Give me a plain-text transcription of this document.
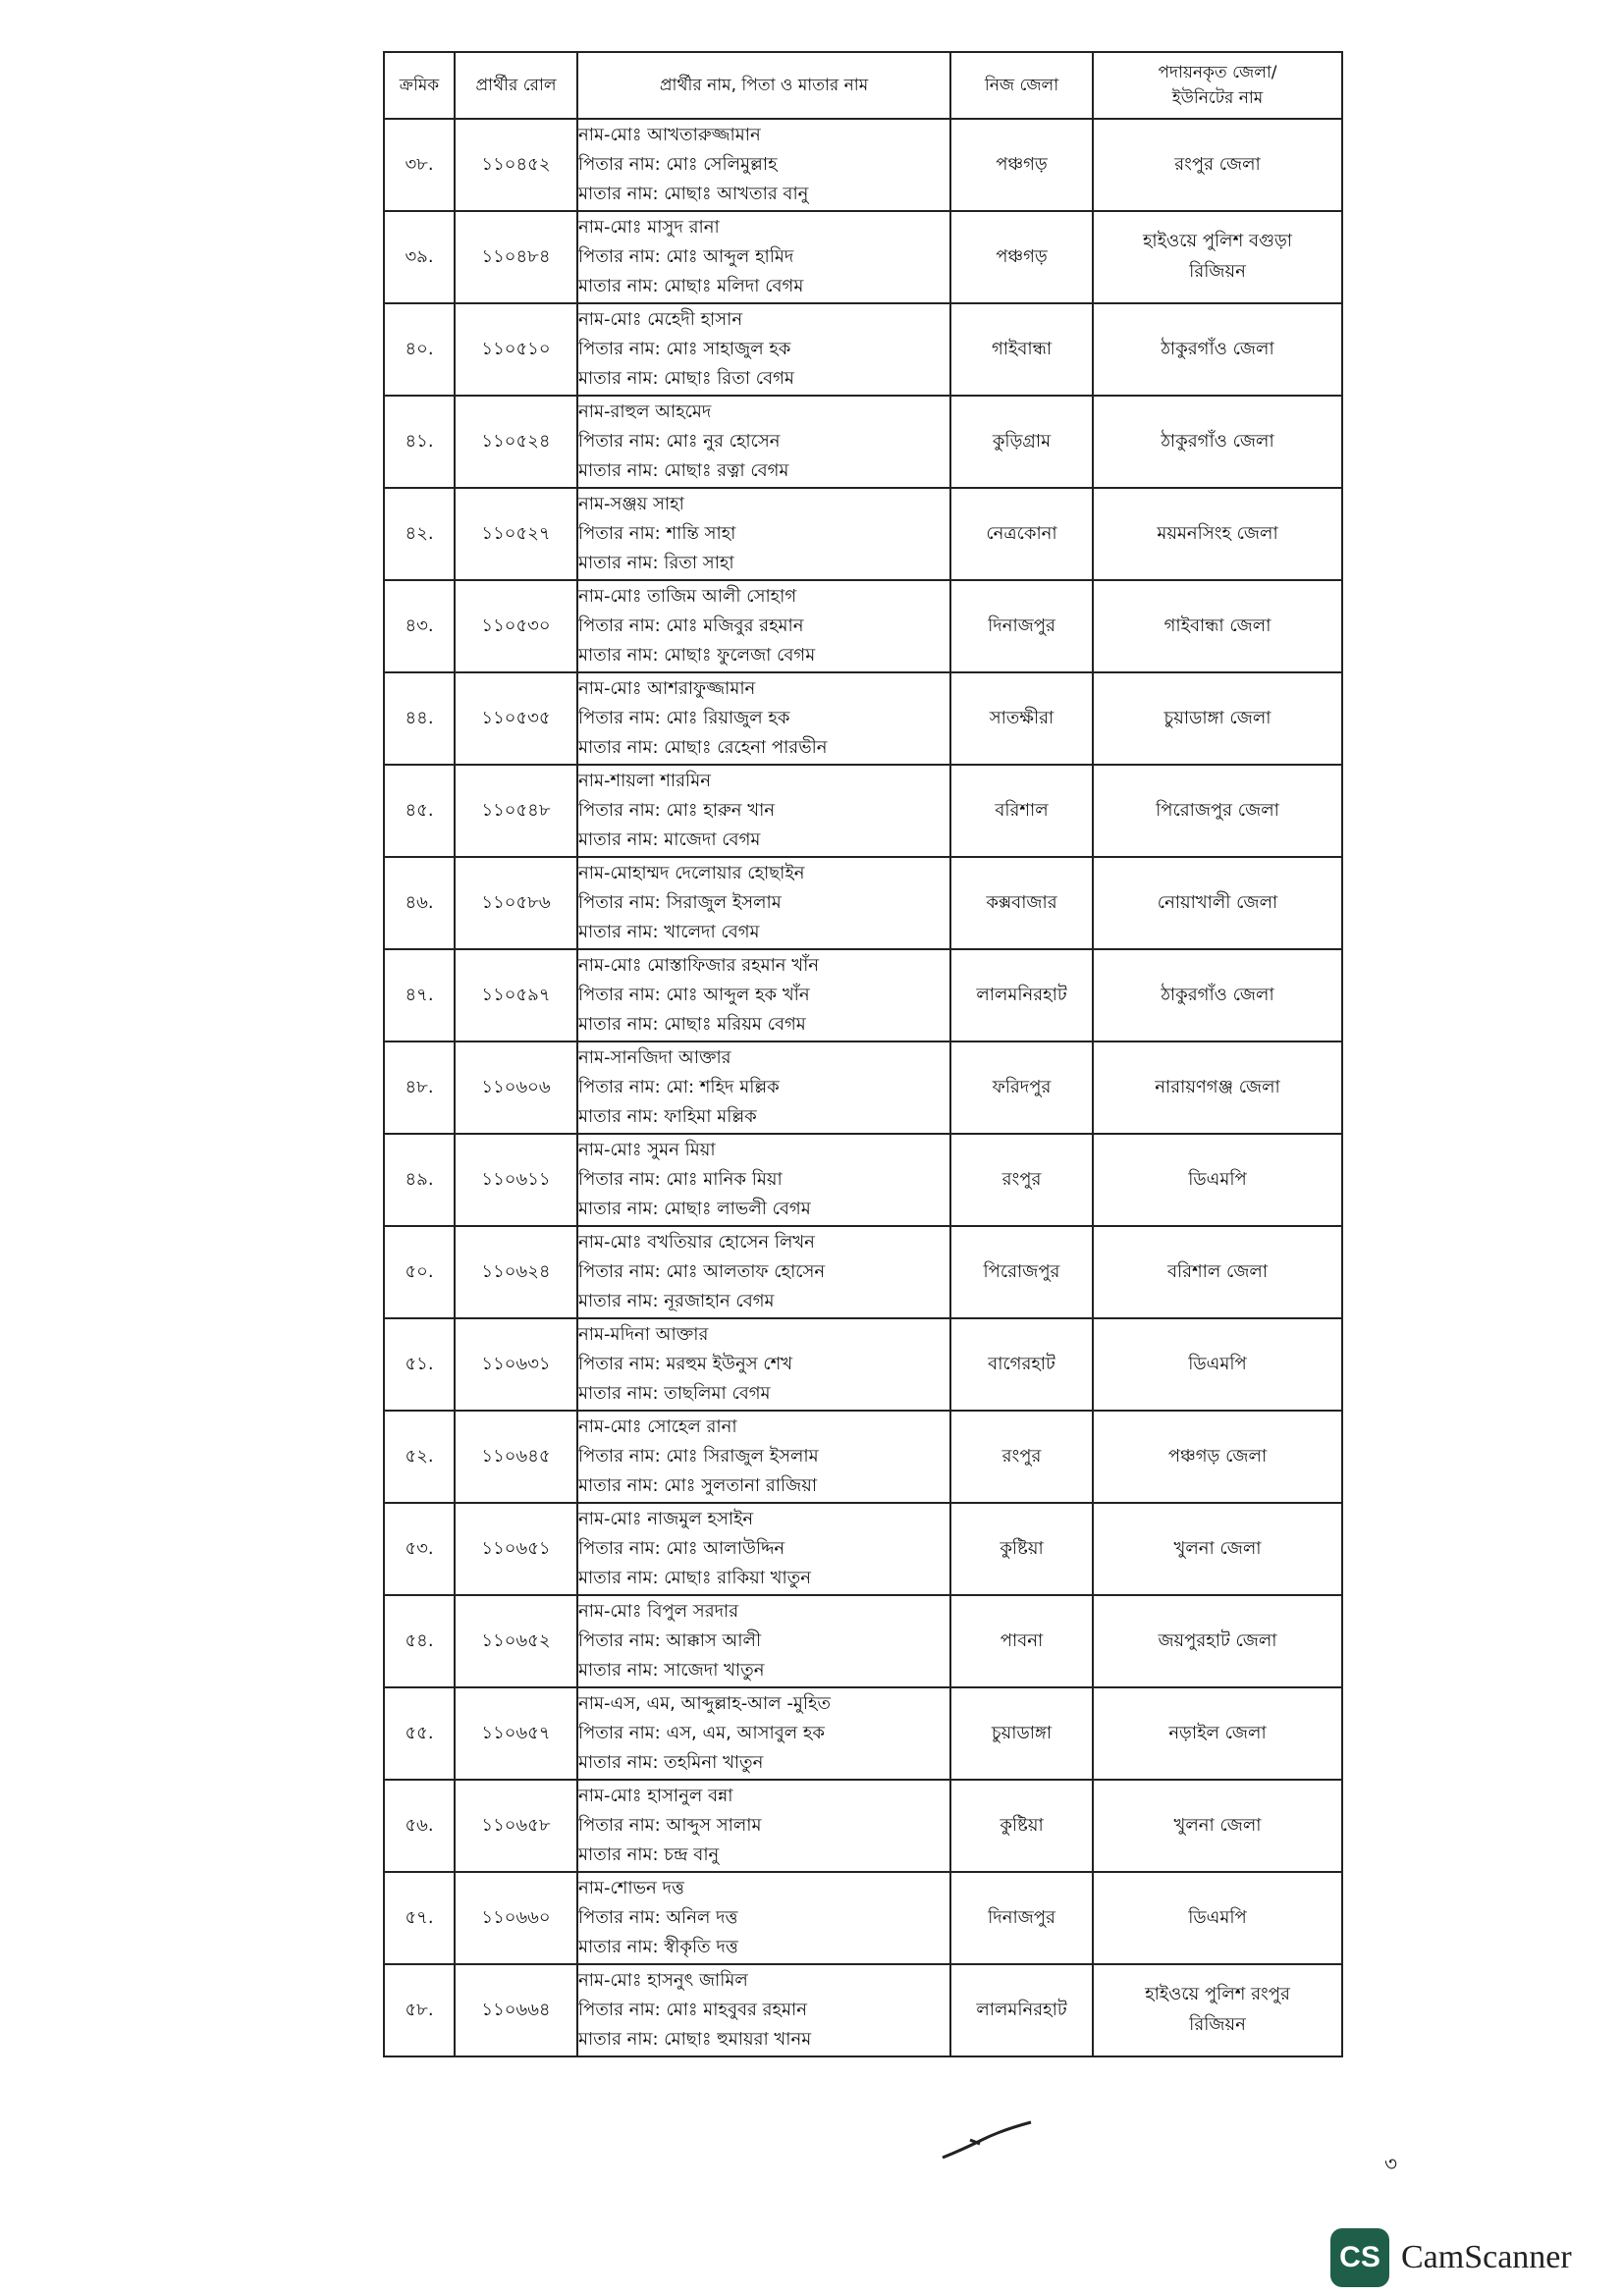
ক্রমিক	প্রার্থীর রোল	প্রার্থীর নাম, পিতা ও মাতার নাম	নিজ জেলা	পদায়নকৃত জেলা/ ইউনিটের নাম
৩৮.	১১০৪৫২	নাম-মোঃ আখতারুজ্জামান
পিতার নাম: মোঃ সেলিমুল্লাহ
মাতার নাম: মোছাঃ আখতার বানু	পঞ্চগড়	রংপুর জেলা
৩৯.	১১০৪৮৪	নাম-মোঃ মাসুদ রানা
পিতার নাম: মোঃ আব্দুল হামিদ
মাতার নাম: মোছাঃ মলিদা বেগম	পঞ্চগড়	হাইওয়ে পুলিশ বগুড়া রিজিয়ন
৪০.	১১০৫১০	নাম-মোঃ মেহেদী হাসান
পিতার নাম: মোঃ সাহাজুল হক
মাতার নাম: মোছাঃ রিতা বেগম	গাইবান্ধা	ঠাকুরগাঁও জেলা
৪১.	১১০৫২৪	নাম-রাহুল আহমেদ
পিতার নাম: মোঃ নুর হোসেন
মাতার নাম: মোছাঃ রত্না বেগম	কুড়িগ্রাম	ঠাকুরগাঁও জেলা
৪২.	১১০৫২৭	নাম-সঞ্জয় সাহা
পিতার নাম: শান্তি সাহা
মাতার নাম: রিতা সাহা	নেত্রকোনা	ময়মনসিংহ জেলা
৪৩.	১১০৫৩০	নাম-মোঃ তাজিম আলী সোহাগ
পিতার নাম: মোঃ মজিবুর রহমান
মাতার নাম: মোছাঃ ফুলেজা বেগম	দিনাজপুর	গাইবান্ধা জেলা
৪৪.	১১০৫৩৫	নাম-মোঃ আশরাফুজ্জামান
পিতার নাম: মোঃ রিয়াজুল হক
মাতার নাম: মোছাঃ রেহেনা পারভীন	সাতক্ষীরা	চুয়াডাঙ্গা জেলা
৪৫.	১১০৫৪৮	নাম-শায়লা শারমিন
পিতার নাম: মোঃ হারুন খান
মাতার নাম: মাজেদা বেগম	বরিশাল	পিরোজপুর জেলা
৪৬.	১১০৫৮৬	নাম-মোহাম্মদ দেলোয়ার হোছাইন
পিতার নাম: সিরাজুল ইসলাম
মাতার নাম: খালেদা বেগম	কক্সবাজার	নোয়াখালী জেলা
৪৭.	১১০৫৯৭	নাম-মোঃ মোস্তাফিজার রহমান খাঁন
পিতার নাম: মোঃ আব্দুল হক খাঁন
মাতার নাম: মোছাঃ মরিয়ম বেগম	লালমনিরহাট	ঠাকুরগাঁও জেলা
৪৮.	১১০৬০৬	নাম-সানজিদা আক্তার
পিতার নাম: মো: শহিদ মল্লিক
মাতার নাম: ফাহিমা মল্লিক	ফরিদপুর	নারায়ণগঞ্জ জেলা
৪৯.	১১০৬১১	নাম-মোঃ সুমন মিয়া
পিতার নাম: মোঃ মানিক মিয়া
মাতার নাম: মোছাঃ লাভলী বেগম	রংপুর	ডিএমপি
৫০.	১১০৬২৪	নাম-মোঃ বখতিয়ার হোসেন লিখন
পিতার নাম: মোঃ আলতাফ হোসেন
মাতার নাম: নূরজাহান বেগম	পিরোজপুর	বরিশাল জেলা
৫১.	১১০৬৩১	নাম-মদিনা আক্তার
পিতার নাম: মরহুম ইউনুস শেখ
মাতার নাম: তাছলিমা বেগম	বাগেরহাট	ডিএমপি
৫২.	১১০৬৪৫	নাম-মোঃ সোহেল রানা
পিতার নাম: মোঃ সিরাজুল ইসলাম
মাতার নাম: মোঃ সুলতানা রাজিয়া	রংপুর	পঞ্চগড় জেলা
৫৩.	১১০৬৫১	নাম-মোঃ নাজমুল হসাইন
পিতার নাম: মোঃ আলাউদ্দিন
মাতার নাম: মোছাঃ রাকিয়া খাতুন	কুষ্টিয়া	খুলনা জেলা
৫৪.	১১০৬৫২	নাম-মোঃ বিপুল সরদার
পিতার নাম: আক্কাস আলী
মাতার নাম: সাজেদা খাতুন	পাবনা	জয়পুরহাট জেলা
৫৫.	১১০৬৫৭	নাম-এস, এম, আব্দুল্লাহ-আল -মুহিত
পিতার নাম: এস, এম, আসাবুল হক
মাতার নাম: তহমিনা খাতুন	চুয়াডাঙ্গা	নড়াইল জেলা
৫৬.	১১০৬৫৮	নাম-মোঃ হাসানুল বন্না
পিতার নাম: আব্দুস সালাম
মাতার নাম: চন্দ্র বানু	কুষ্টিয়া	খুলনা জেলা
৫৭.	১১০৬৬০	নাম-শোভন দত্ত
পিতার নাম: অনিল দত্ত
মাতার নাম: স্বীকৃতি দত্ত	দিনাজপুর	ডিএমপি
৫৮.	১১০৬৬৪	নাম-মোঃ হাসনুৎ জামিল
পিতার নাম: মোঃ মাহবুবর রহমান
মাতার নাম: মোছাঃ হুমায়রা খানম	লালমনিরহাট	হাইওয়ে পুলিশ রংপুর রিজিয়ন
৩
CS CamScanner
